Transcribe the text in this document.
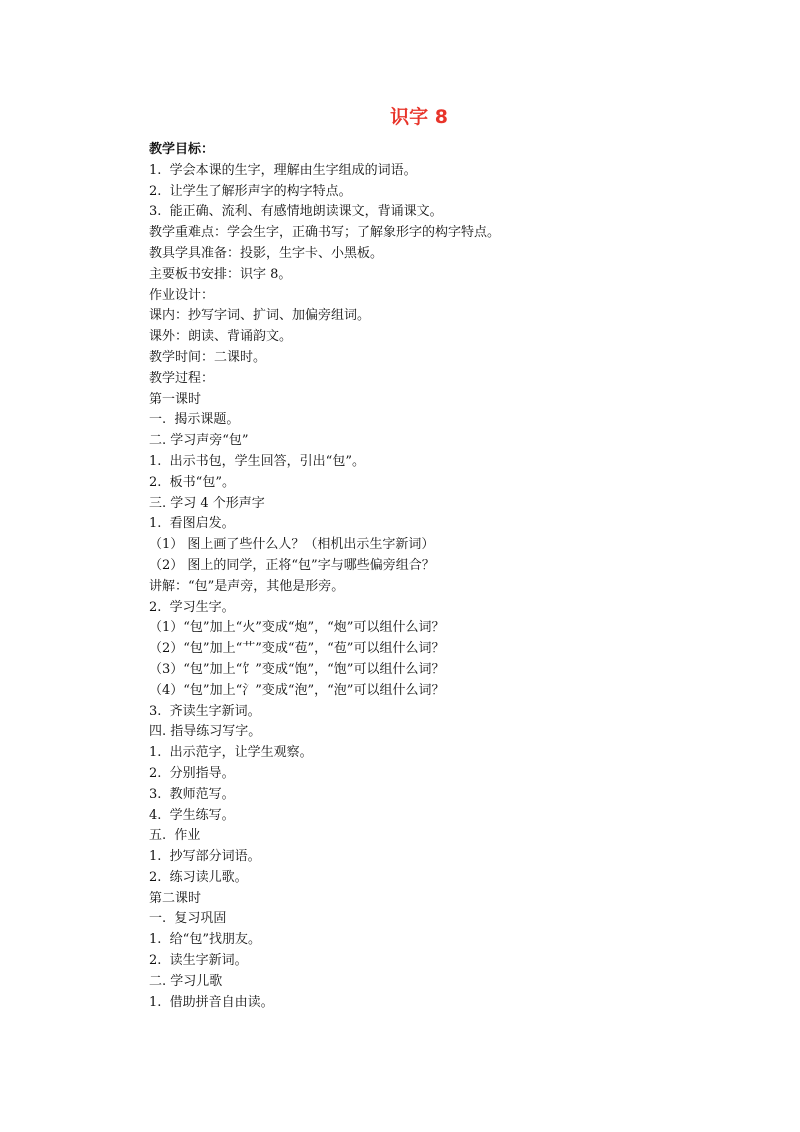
识字 8
教学目标：
1.  学会本课的生字，理解由生字组成的词语。
2.  让学生了解形声字的构字特点。
3.  能正确、流利、有感情地朗读课文，背诵课文。
教学重难点：学会生字，正确书写；了解象形字的构字特点。
教具学具准备：投影，生字卡、小黑板。
主要板书安排：识字 8。
作业设计：
课内：抄写字词、扩词、加偏旁组词。
课外：朗读、背诵韵文。
教学时间：二课时。
教学过程：
第一课时
一.  揭示课题。
二. 学习声旁“包”
1.  出示书包，学生回答，引出“包”。
2.  板书“包”。
三. 学习 4 个形声字
1.  看图启发。
（1） 图上画了些什么人？（相机出示生字新词）
（2） 图上的同学，正将“包”字与哪些偏旁组合？
讲解：“包”是声旁，其他是形旁。
2.  学习生字。
（1）“包”加上“火”变成“炮”，“炮”可以组什么词？
（2）“包”加上“艹”变成“苞”，“苞”可以组什么词？
（3）“包”加上“饣”变成“饱”，“饱”可以组什么词？
（4）“包”加上“氵”变成“泡”，“泡”可以组什么词？
3.  齐读生字新词。
四. 指导练习写字。
1.  出示范字，让学生观察。
2.  分别指导。
3.  教师范写。
4.  学生练写。
五.  作业
1.  抄写部分词语。
2.  练习读儿歌。
第二课时
一.  复习巩固
1.  给“包”找朋友。
2.  读生字新词。
二. 学习儿歌
1.  借助拼音自由读。
